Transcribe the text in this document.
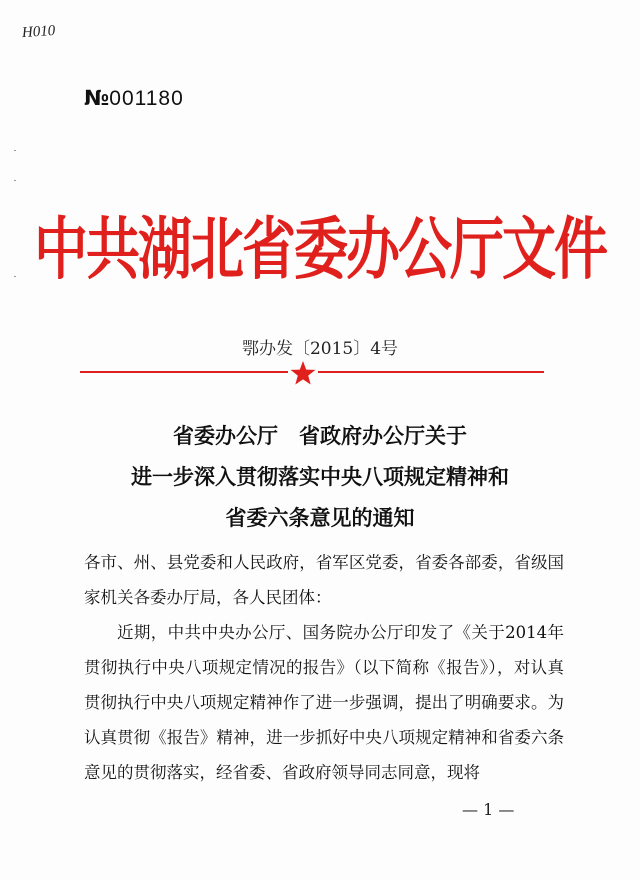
H010
№001180
中共湖北省委办公厅文件
鄂办发〔2015〕4号
省委办公厅　省政府办公厅关于
进一步深入贯彻落实中央八项规定精神和
省委六条意见的通知

各市、州、县党委和人民政府，省军区党委，省委各部委，省级国家机关各委办厅局，各人民团体：

近期，中共中央办公厅、国务院办公厅印发了《关于2014年贯彻执行中央八项规定情况的报告》（以下简称《报告》），对认真贯彻执行中央八项规定精神作了进一步强调，提出了明确要求。为认真贯彻《报告》精神，进一步抓好中央八项规定精神和省委六条意见的贯彻落实，经省委、省政府领导同志同意，现将

— 1 —
